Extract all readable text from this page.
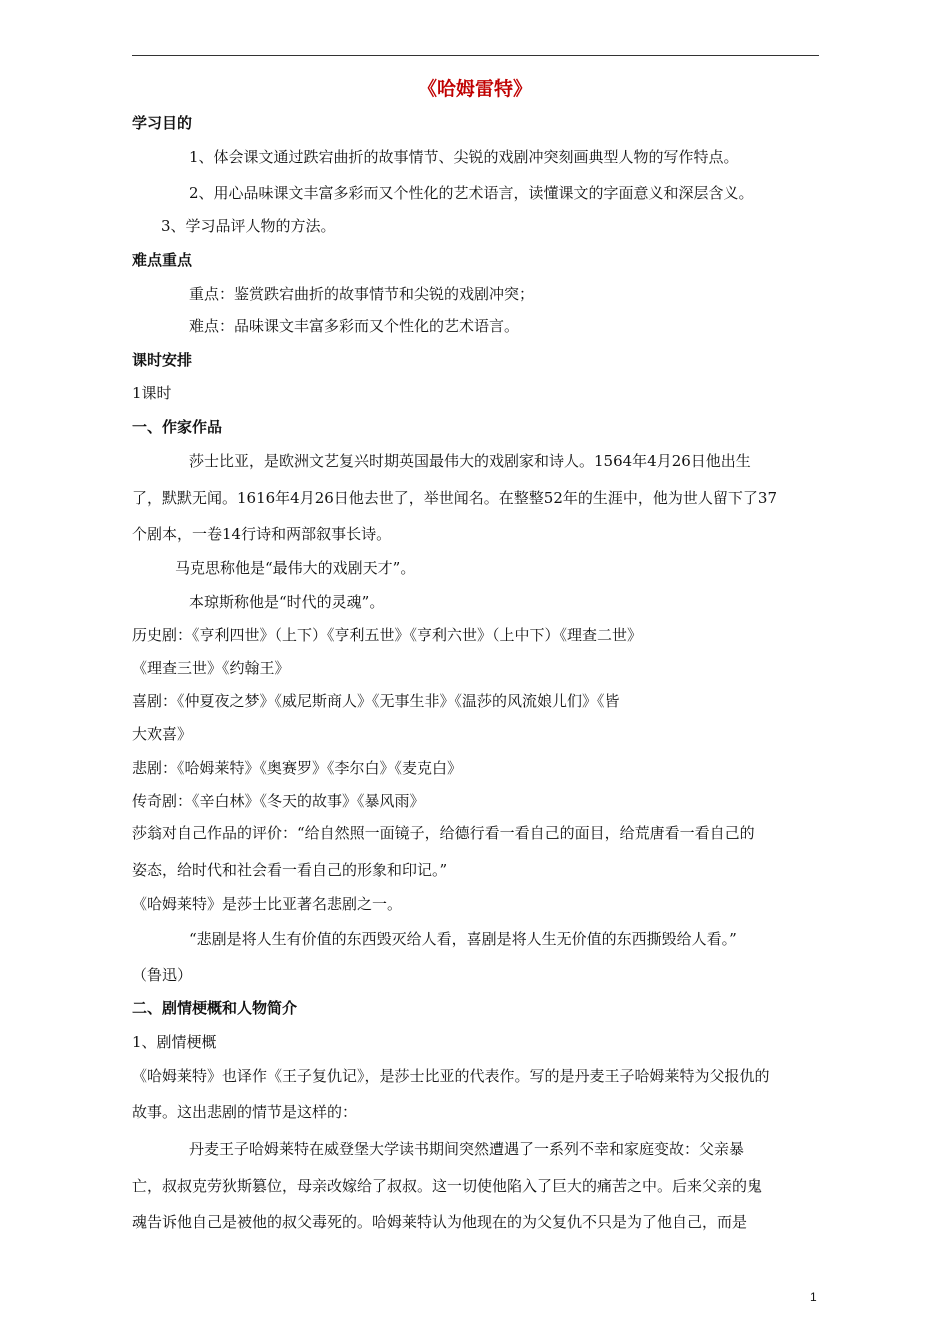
《哈姆雷特》
学习目的
1、体会课文通过跌宕曲折的故事情节、尖锐的戏剧冲突刻画典型人物的写作特点。
2、用心品味课文丰富多彩而又个性化的艺术语言，读懂课文的字面意义和深层含义。
3、学习品评人物的方法。
难点重点
重点：鉴赏跌宕曲折的故事情节和尖锐的戏剧冲突；
难点：品味课文丰富多彩而又个性化的艺术语言。
课时安排
1课时
一、作家作品
莎士比亚，是欧洲文艺复兴时期英国最伟大的戏剧家和诗人。1564年4月26日他出生
了，默默无闻。1616年4月26日他去世了，举世闻名。在整整52年的生涯中，他为世人留下了37
个剧本，一卷14行诗和两部叙事长诗。
马克思称他是“最伟大的戏剧天才”。
本琼斯称他是“时代的灵魂”。
历史剧：《亨利四世》（上下）《亨利五世》《亨利六世》（上中下）《理查二世》
《理查三世》《约翰王》
喜剧：《仲夏夜之梦》《威尼斯商人》《无事生非》《温莎的风流娘儿们》《皆
大欢喜》
悲剧：《哈姆莱特》《奥赛罗》《李尔白》《麦克白》
传奇剧：《辛白林》《冬天的故事》《暴风雨》
莎翁对自己作品的评价：“给自然照一面镜子，给德行看一看自己的面目，给荒唐看一看自己的
姿态，给时代和社会看一看自己的形象和印记。”
《哈姆莱特》是莎士比亚著名悲剧之一。
“悲剧是将人生有价值的东西毁灭给人看，喜剧是将人生无价值的东西撕毁给人看。”
（鲁迅）
二、剧情梗概和人物简介
1、剧情梗概
《哈姆莱特》也译作《王子复仇记》，是莎士比亚的代表作。写的是丹麦王子哈姆莱特为父报仇的
故事。这出悲剧的情节是这样的：
丹麦王子哈姆莱特在威登堡大学读书期间突然遭遇了一系列不幸和家庭变故：父亲暴
亡，叔叔克劳狄斯篡位，母亲改嫁给了叔叔。这一切使他陷入了巨大的痛苦之中。后来父亲的鬼
魂告诉他自己是被他的叔父毒死的。哈姆莱特认为他现在的为父复仇不只是为了他自己，而是
1
